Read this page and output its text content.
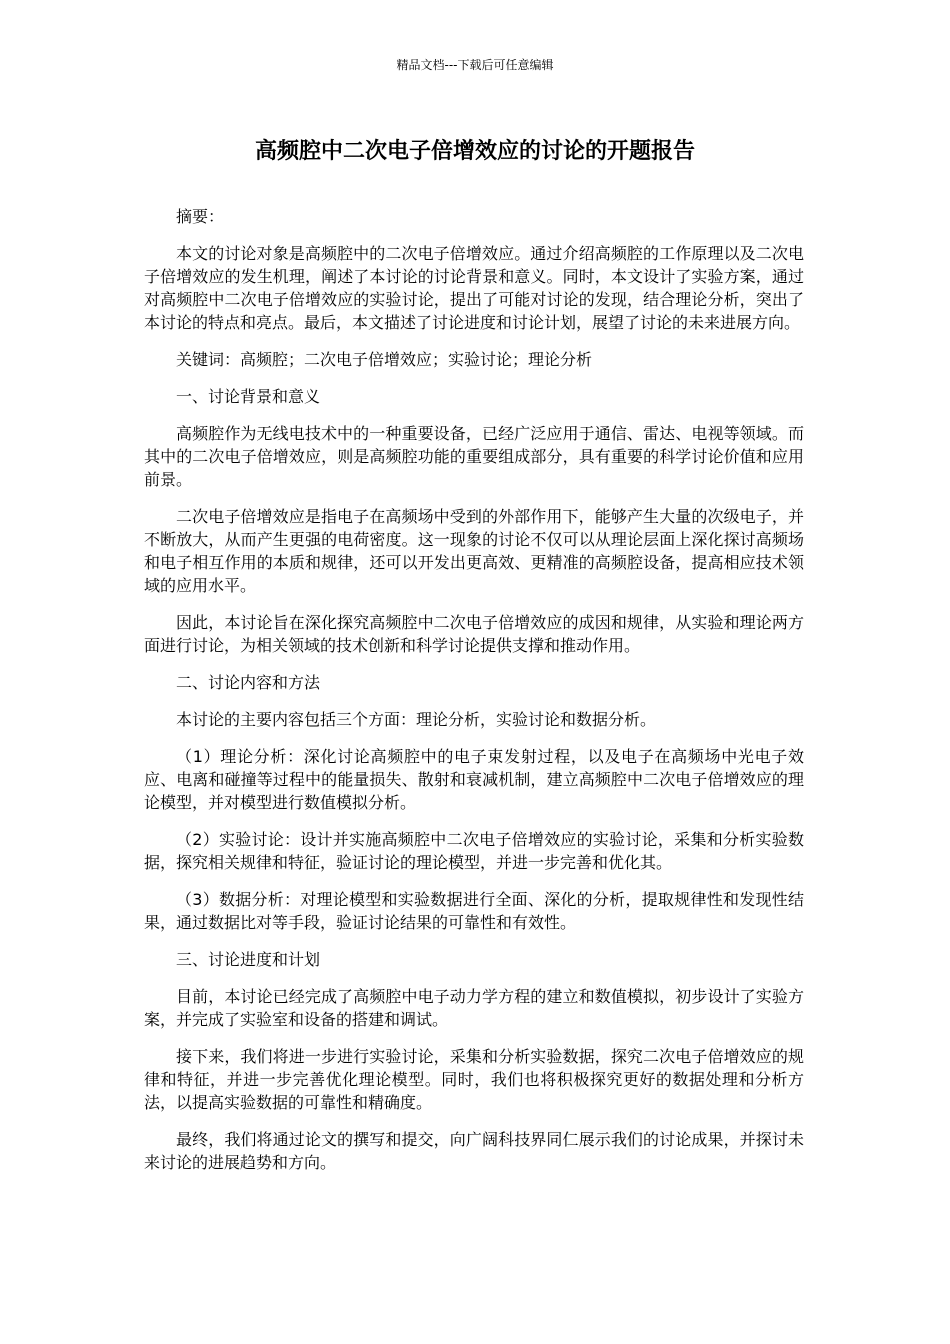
精品文档---下载后可任意编辑
高频腔中二次电子倍增效应的讨论的开题报告

摘要：

本文的讨论对象是高频腔中的二次电子倍增效应。通过介绍高频腔的工作原理以及二次电子倍增效应的发生机理，阐述了本讨论的讨论背景和意义。同时，本文设计了实验方案，通过对高频腔中二次电子倍增效应的实验讨论，提出了可能对讨论的发现，结合理论分析，突出了本讨论的特点和亮点。最后，本文描述了讨论进度和讨论计划，展望了讨论的未来进展方向。

关键词：高频腔；二次电子倍增效应；实验讨论；理论分析

一、讨论背景和意义

高频腔作为无线电技术中的一种重要设备，已经广泛应用于通信、雷达、电视等领域。而其中的二次电子倍增效应，则是高频腔功能的重要组成部分，具有重要的科学讨论价值和应用前景。

二次电子倍增效应是指电子在高频场中受到的外部作用下，能够产生大量的次级电子，并不断放大，从而产生更强的电荷密度。这一现象的讨论不仅可以从理论层面上深化探讨高频场和电子相互作用的本质和规律，还可以开发出更高效、更精准的高频腔设备，提高相应技术领域的应用水平。

因此，本讨论旨在深化探究高频腔中二次电子倍增效应的成因和规律，从实验和理论两方面进行讨论，为相关领域的技术创新和科学讨论提供支撑和推动作用。

二、讨论内容和方法

本讨论的主要内容包括三个方面：理论分析，实验讨论和数据分析。

（1）理论分析：深化讨论高频腔中的电子束发射过程，以及电子在高频场中光电子效应、电离和碰撞等过程中的能量损失、散射和衰减机制，建立高频腔中二次电子倍增效应的理论模型，并对模型进行数值模拟分析。

（2）实验讨论：设计并实施高频腔中二次电子倍增效应的实验讨论，采集和分析实验数据，探究相关规律和特征，验证讨论的理论模型，并进一步完善和优化其。

（3）数据分析：对理论模型和实验数据进行全面、深化的分析，提取规律性和发现性结果，通过数据比对等手段，验证讨论结果的可靠性和有效性。

三、讨论进度和计划

目前，本讨论已经完成了高频腔中电子动力学方程的建立和数值模拟，初步设计了实验方案，并完成了实验室和设备的搭建和调试。

接下来，我们将进一步进行实验讨论，采集和分析实验数据，探究二次电子倍增效应的规律和特征，并进一步完善优化理论模型。同时，我们也将积极探究更好的数据处理和分析方法，以提高实验数据的可靠性和精确度。

最终，我们将通过论文的撰写和提交，向广阔科技界同仁展示我们的讨论成果，并探讨未来讨论的进展趋势和方向。
